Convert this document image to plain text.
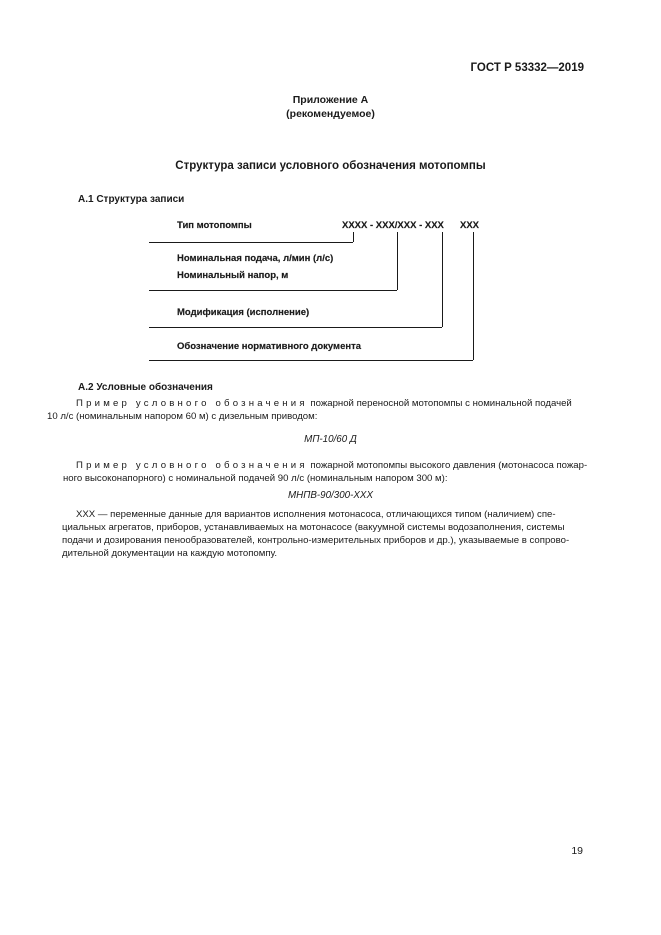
ГОСТ Р 53332—2019

Приложение А

(рекомендуемое)

Структура записи условного обозначения мотопомпы

А.1 Структура записи

Тип мотопомпы	ХХХХ - ХХХ/ХХХ - ХХХ ХХХ
Номинальная подача, л/мин (л/с)
Номинальный напор, м
Модификация (исполнение)
Обозначение нормативного документа

А.2 Условные обозначения

Пример условного обозначения пожарной переносной мотопомпы с номинальной подачей
10 л/с (номинальным напором 60 м) с дизельным приводом:

МП-10/60 Д

Пример условного обозначения пожарной мотопомпы высокого давления (мотонасоса пожар-
ного высоконапорного) с номинальной подачей 90 л/с (номинальным напором 300 м):

МНПВ-90/300-ХХХ

ХХХ — переменные данные для вариантов исполнения мотонасоса, отличающихся типом (наличием) спе-
циальных агрегатов, приборов, устанавливаемых на мотонасосе (вакуумной системы водозаполнения, системы
подачи и дозирования пенообразователей, контрольно-измерительных приборов и др.), указываемые в сопрово-
дительной документации на каждую мотопомпу.

19
